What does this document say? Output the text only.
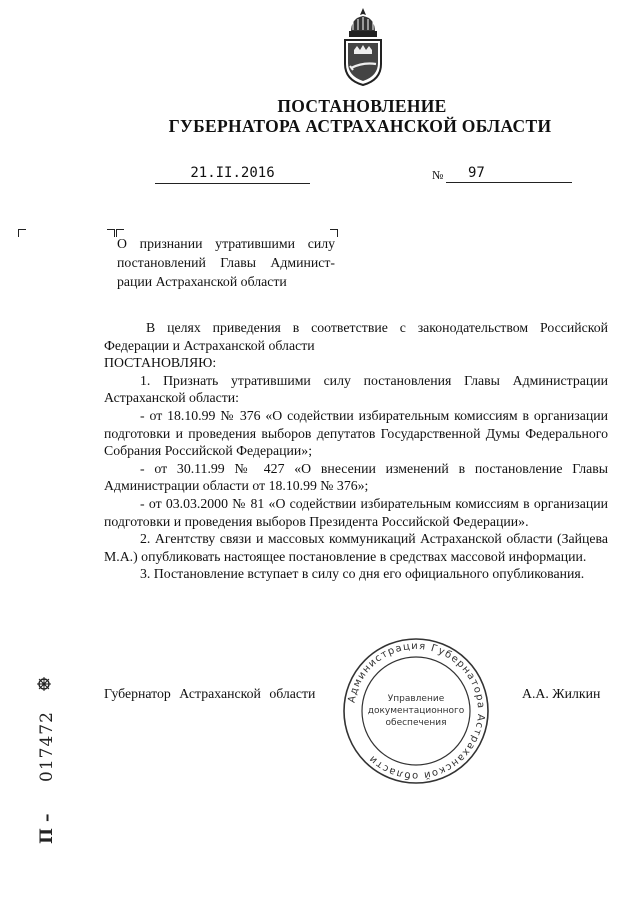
ПОСТАНОВЛЕНИЕ
ГУБЕРНАТОРА АСТРАХАНСКОЙ ОБЛАСТИ
21.II.2016	№	97
О признании утратившими силу постановлений Главы Админист-рации Астраханской области

В целях приведения в соответствие с законодательством Российской Федерации и Астраханской области

ПОСТАНОВЛЯЮ:

1. Признать утратившими силу постановления Главы Администрации Астраханской области:

- от 18.10.99 № 376 «О содействии избирательным комиссиям в организации подготовки и проведения выборов депутатов Государственной Думы Федерального Собрания Российской Федерации»;

- от 30.11.99 № 427 «О внесении изменений в постановление Главы Администрации области от 18.10.99 № 376»;

- от 03.03.2000 № 81 «О содействии избирательным комиссиям в организации подготовки и проведения выборов Президента Российской Федерации».

2. Агентству связи и массовых коммуникаций Астраханской области (Зайцева М.А.) опубликовать настоящее постановление в средствах массовой информации.

3. Постановление вступает в силу со дня его официального опубликования.

Губернатор Астраханской области	А.А. Жилкин
Администрация Губернатора Астраханской области
Управление
документационного
обеспечения
017472
П –
